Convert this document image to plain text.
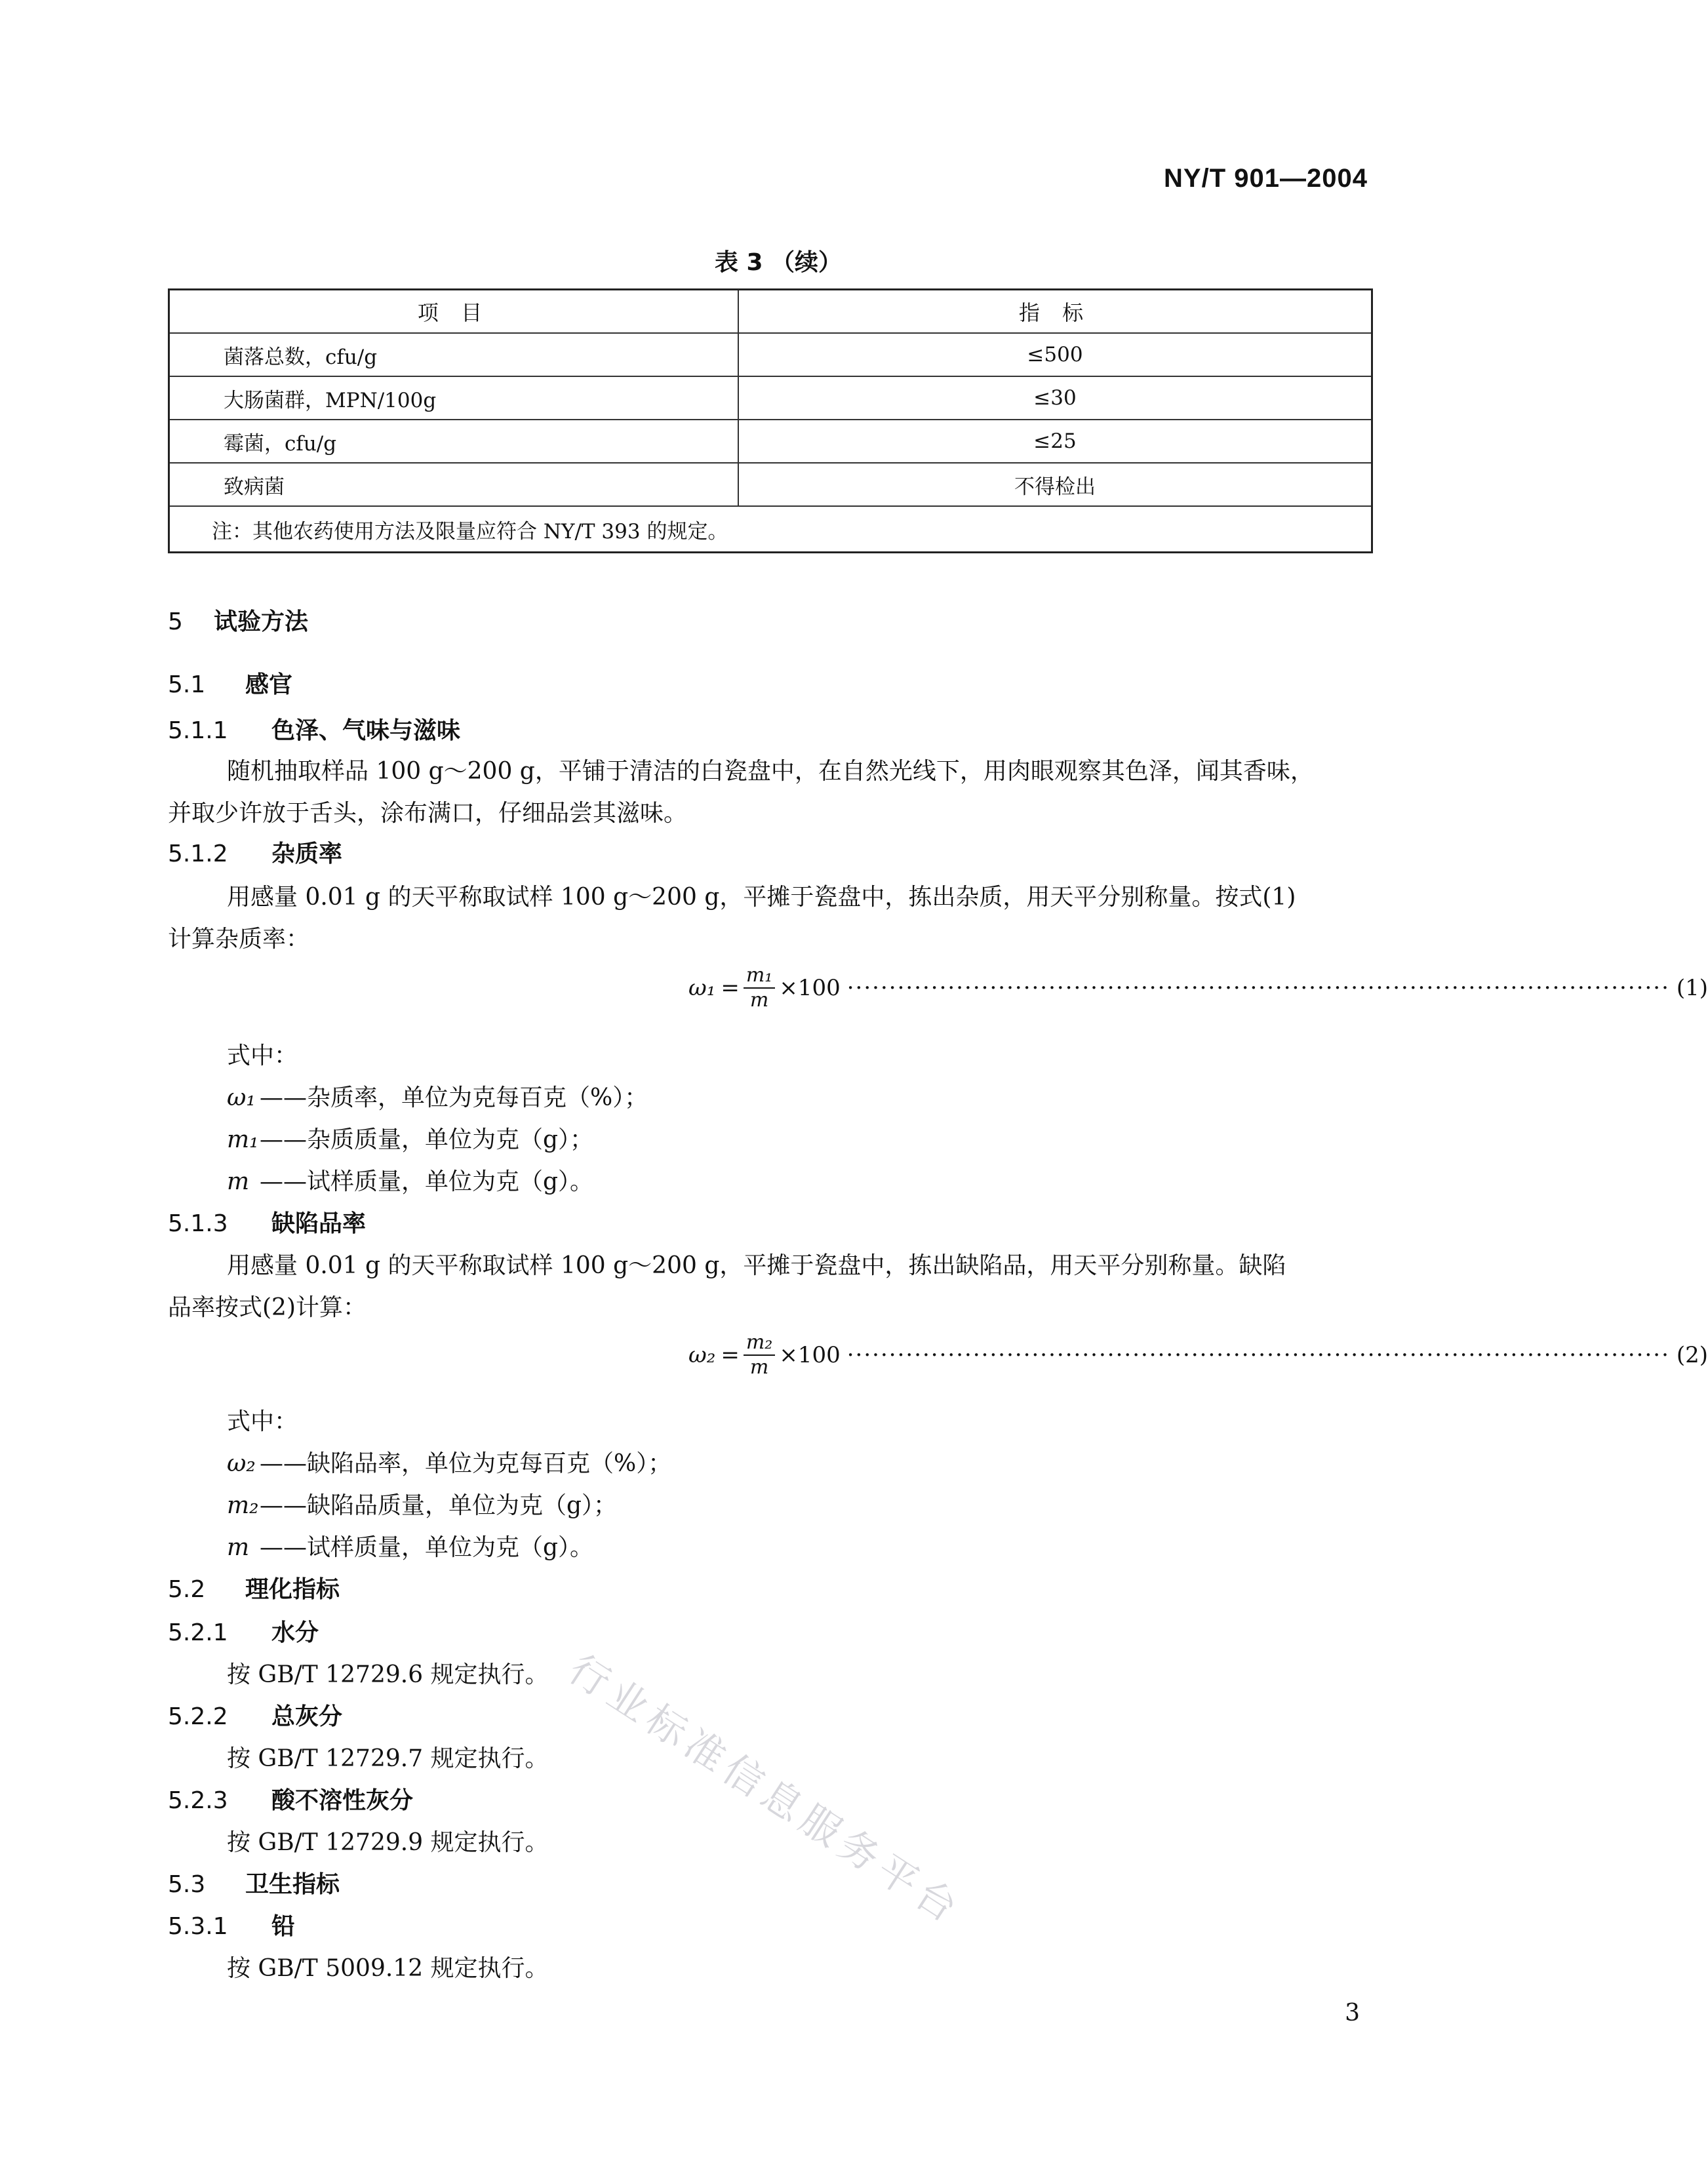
NY/T 901—2004
表 3 （续）
项 目	指 标
菌落总数，cfu/g	≤500
大肠菌群，MPN/100g	≤30
霉菌，cfu/g	≤25
致病菌	不得检出
注：其他农药使用方法及限量应符合 NY/T 393 的规定。	
5 试验方法
5.1 感官
5.1.1 色泽、气味与滋味
随机抽取样品 100 g～200 g，平铺于清洁的白瓷盘中，在自然光线下，用肉眼观察其色泽，闻其香味，
并取少许放于舌头，涂布满口，仔细品尝其滋味。
5.1.2 杂质率
用感量 0.01 g 的天平称取试样 100 g～200 g，平摊于瓷盘中，拣出杂质，用天平分别称量。按式(1)
计算杂质率：
$\omega_1 = \frac{\text{m₁}}{m} \times 100$ ·································································································· (1)
式中：
ω₁ ——杂质率，单位为克每百克（%）；
m₁——杂质质量，单位为克（g）；
m ——试样质量，单位为克（g）。
5.1.3 缺陷品率
用感量 0.01 g 的天平称取试样 100 g～200 g，平摊于瓷盘中，拣出缺陷品，用天平分别称量。缺陷
品率按式(2)计算：
$\omega_2 = \frac{\text{m₂}}{m} \times 100$ ·································································································· (2)
式中：
ω₂ ——缺陷品率，单位为克每百克（%）；
m₂——缺陷品质量，单位为克（g）；
m ——试样质量，单位为克（g）。
5.2 理化指标
5.2.1 水分
按 GB/T 12729.6 规定执行。
5.2.2 总灰分
按 GB/T 12729.7 规定执行。
5.2.3 酸不溶性灰分
按 GB/T 12729.9 规定执行。
5.3 卫生指标
5.3.1 铅
按 GB/T 5009.12 规定执行。
行业标准信息服务平台
3
